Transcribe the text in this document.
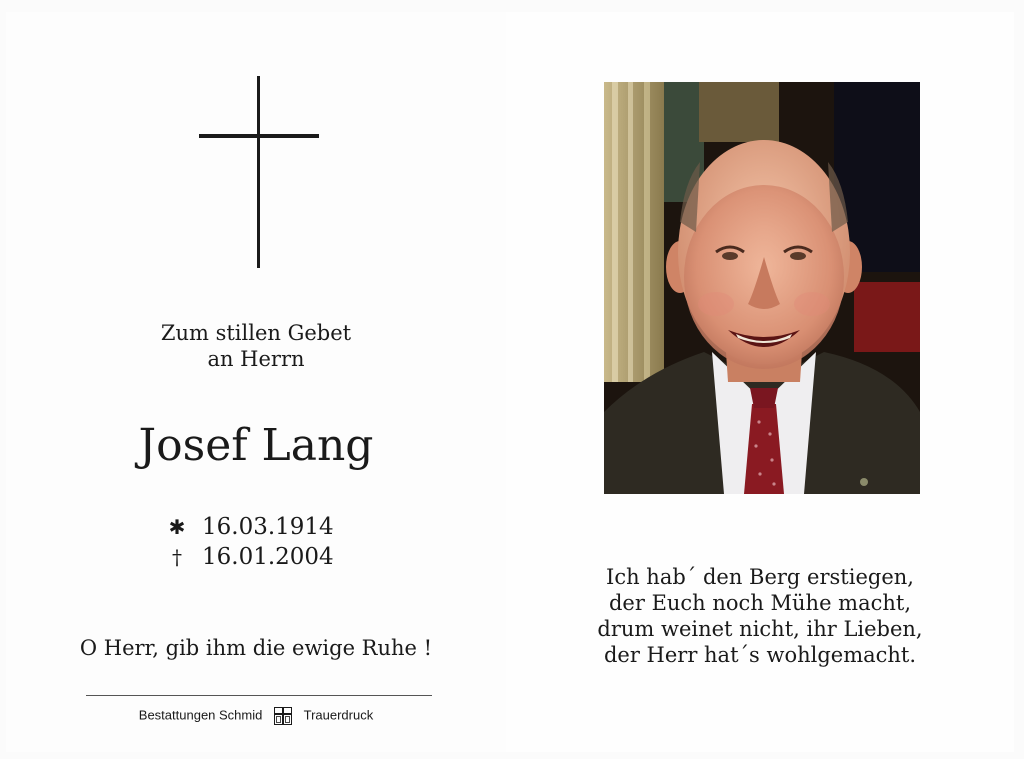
Zum stillen Gebet
an Herrn
Josef Lang
✱ 16.03.1914
† 16.01.2004
O Herr, gib ihm die ewige Ruhe !
Bestattungen Schmid	Trauerdruck
Ich hab´ den Berg erstiegen,
der Euch noch Mühe macht,
drum weinet nicht, ihr Lieben,
der Herr hat´s wohlgemacht.
